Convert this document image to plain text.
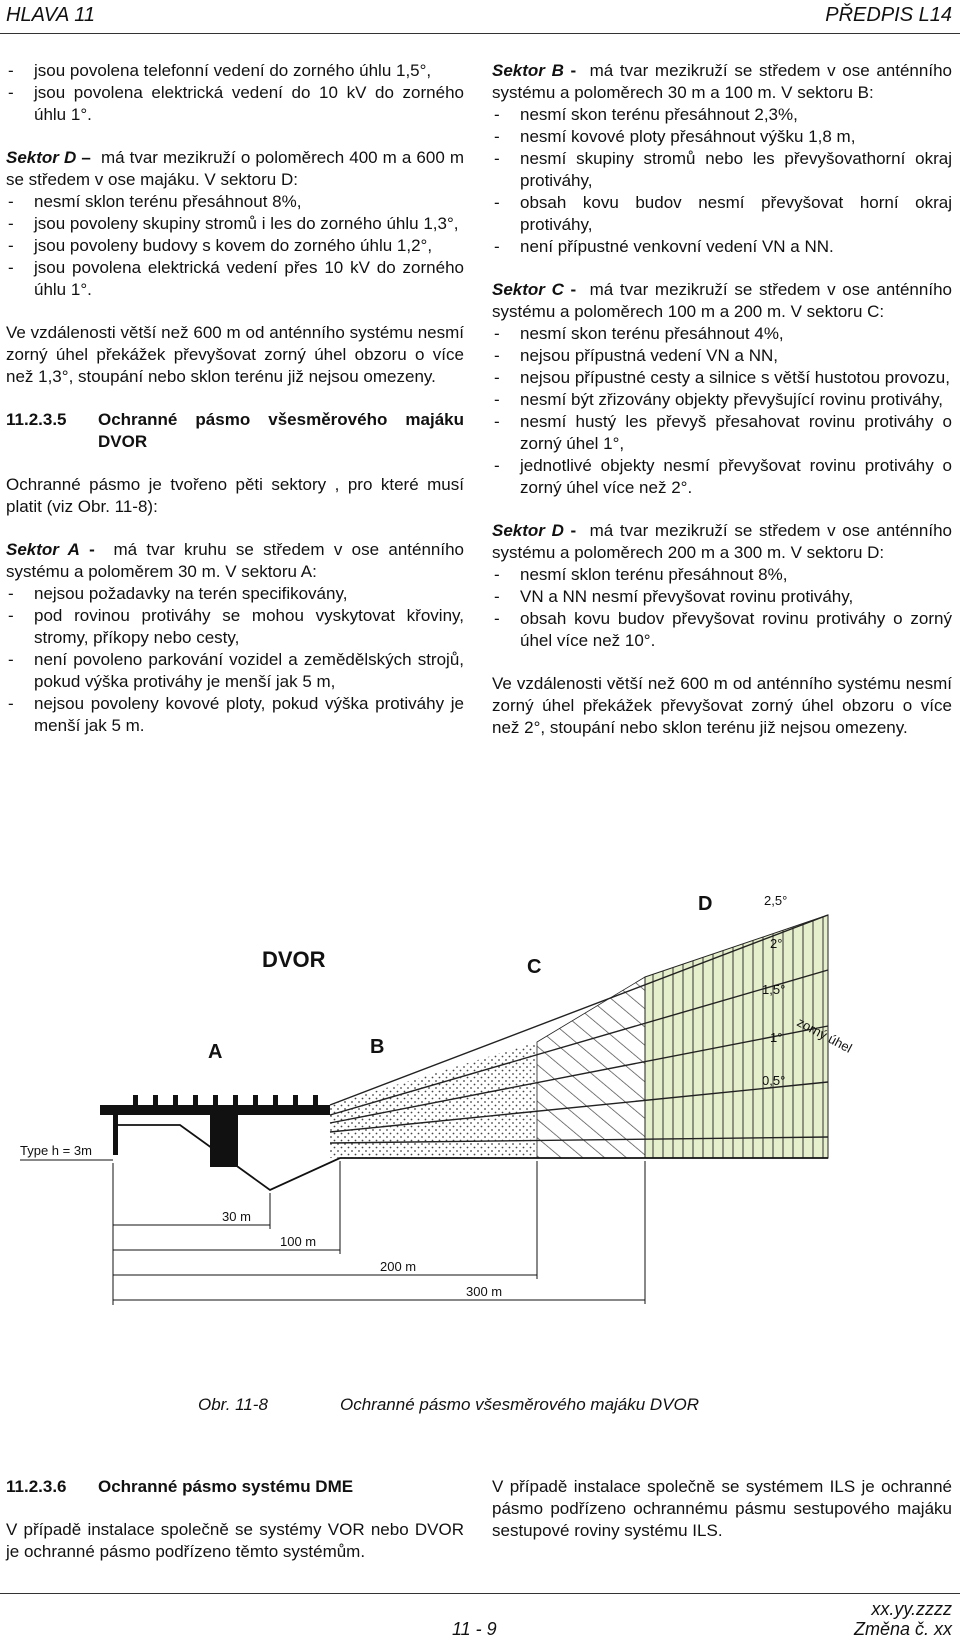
HLAVA 11	PŘEDPIS L14
- jsou povolena telefonní vedení do zorného úhlu 1,5°,
- jsou povolena elektrická vedení do 10 kV do zorného úhlu 1°.

Sektor D –  má tvar mezikruží o poloměrech 400 m a 600 m se středem v ose majáku. V sektoru D:

- nesmí sklon terénu přesáhnout 8%,
- jsou povoleny skupiny stromů i les do zorného úhlu 1,3°,
- jsou povoleny budovy s kovem do zorného úhlu 1,2°,
- jsou povolena elektrická vedení přes 10 kV do zorného úhlu 1°.

Ve vzdálenosti větší než 600 m od anténního systému nesmí zorný úhel překážek převyšovat zorný úhel obzoru o více než 1,3°, stoupání nebo sklon terénu již nejsou omezeny.

11.2.3.5	Ochranné pásmo všesměrového majáku DVOR

Ochranné pásmo je tvořeno pěti sektory , pro které musí platit (viz Obr. 11-8):

Sektor A -  má tvar kruhu se středem v ose anténního systému a poloměrem 30 m. V sektoru A:

- nejsou požadavky na terén specifikovány,
- pod rovinou protiváhy se mohou vyskytovat křoviny, stromy, příkopy nebo cesty,
- není povoleno parkování vozidel a zemědělských strojů, pokud výška protiváhy je menší jak 5 m,
- nejsou povoleny kovové ploty, pokud výška protiváhy je menší jak 5 m.

Sektor B -  má tvar mezikruží se středem v ose anténního systému a poloměrech 30 m a 100 m. V sektoru B:

- nesmí skon terénu přesáhnout 2,3%,
- nesmí kovové ploty přesáhnout výšku 1,8 m,
- nesmí skupiny stromů nebo les převyšovathorní okraj protiváhy,
- obsah kovu budov nesmí převyšovat horní okraj protiváhy,
- není přípustné venkovní vedení VN a NN.

Sektor C -  má tvar mezikruží se středem v ose anténního systému a poloměrech 100 m a 200 m. V sektoru C:

- nesmí skon terénu přesáhnout 4%,
- nejsou přípustná vedení VN a NN,
- nejsou přípustné cesty a silnice s větší hustotou provozu,
- nesmí být zřizovány objekty převyšující rovinu protiváhy,
- nesmí hustý les převyš přesahovat rovinu protiváhy o zorný úhel 1°,
- jednotlivé objekty nesmí převyšovat rovinu protiváhy o zorný úhel více než 2°.

Sektor D -  má tvar mezikruží se středem v ose anténního systému a poloměrech 200 m a 300 m. V sektoru D:

- nesmí sklon terénu přesáhnout 8%,
- VN a NN nesmí převyšovat rovinu protiváhy,
- obsah kovu budov převyšovat rovinu protiváhy o zorný úhel více než 10°.

Ve vzdálenosti větší než 600 m od anténního systému nesmí zorný úhel překážek převyšovat zorný úhel obzoru o více než 2°, stoupání nebo sklon terénu již nejsou omezeny.

Type h = 3m
DVOR
A	B
C
D	2,5°
2°
1,5°
1°
0,5°
zorný úhel
30 m
100 m
200 m
300 m
Obr. 11-8	Ochranné pásmo všesměrového majáku DVOR
11.2.3.6	Ochranné pásmo systému DME

V případě instalace společně se systémy VOR nebo DVOR je ochranné pásmo podřízeno těmto systémům.

V případě instalace společně se systémem ILS je ochranné pásmo podřízeno ochrannému pásmu sestupového majáku sestupové roviny systému ILS.

11 - 9
xx.yy.zzzz
Změna č. xx
